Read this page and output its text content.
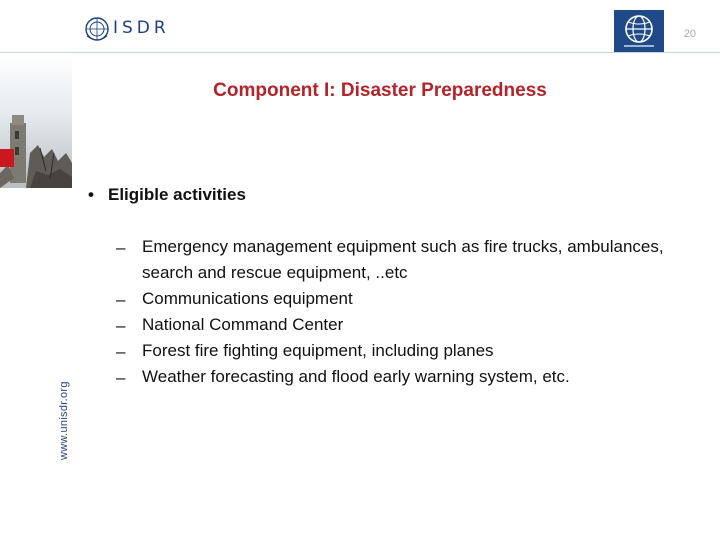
ISDR	20
www.unisdr.org
Component I: Disaster Preparedness
• Eligible activities
– Emergency management equipment such as fire trucks, ambulances, search and rescue equipment, ..etc
– Communications equipment
– National Command Center
– Forest fire fighting equipment, including planes
– Weather forecasting and flood early warning system, etc.
